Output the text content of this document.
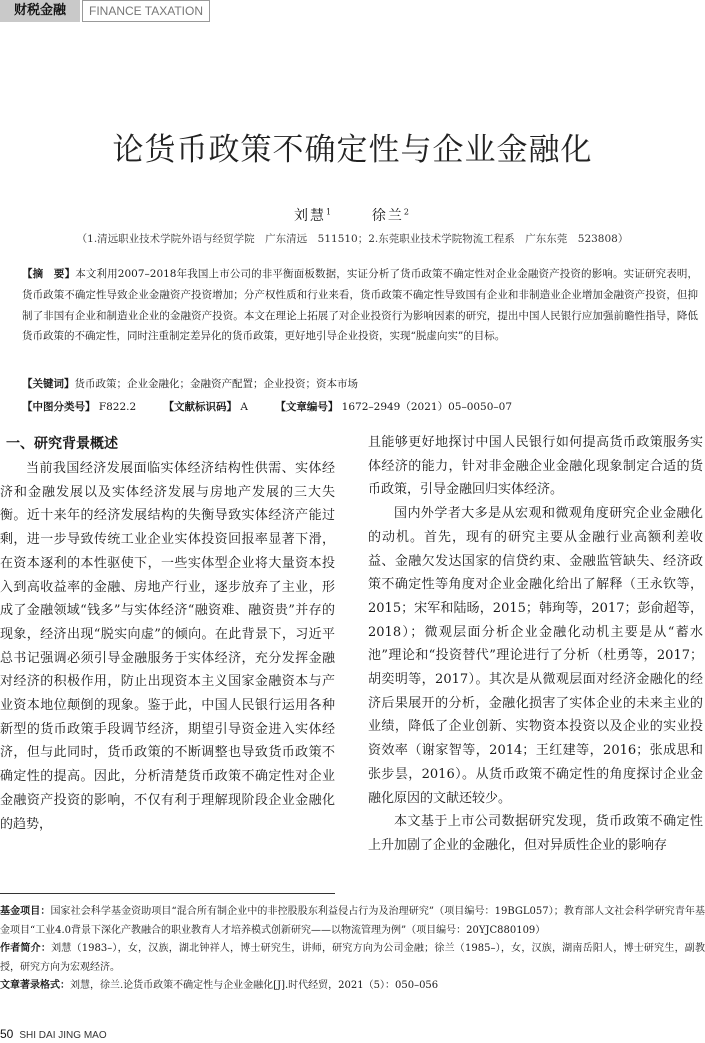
财税金融	FINANCE TAXATION
论货币政策不确定性与企业金融化
刘慧$^1$	徐兰$^2$
（1.清远职业技术学院外语与经贸学院　广东清远　511510；2.东莞职业技术学院物流工程系　广东东莞　523808）
【摘　要】本文利用2007–2018年我国上市公司的非平衡面板数据，实证分析了货币政策不确定性对企业金融资产投资的影响。实证研究表明，货币政策不确定性导致企业金融资产投资增加；分产权性质和行业来看，货币政策不确定性导致国有企业和非制造业企业增加金融资产投资，但抑制了非国有企业和制造业企业的金融资产投资。本文在理论上拓展了对企业投资行为影响因素的研究，提出中国人民银行应加强前瞻性指导，降低货币政策的不确定性，同时注重制定差异化的货币政策，更好地引导企业投资，实现“脱虚向实”的目标。
【关键词】货币政策；企业金融化；金融资产配置；企业投资；资本市场
【中图分类号】 F822.2	【文献标识码】 A	【文章编号】 1672–2949（2021）05–0050–07
一、研究背景概述

当前我国经济发展面临实体经济结构性供需、实体经济和金融发展以及实体经济发展与房地产发展的三大失衡。近十来年的经济发展结构的失衡导致实体经济产能过剩，进一步导致传统工业企业实体投资回报率显著下滑，在资本逐利的本性驱使下，一些实体型企业将大量资本投入到高收益率的金融、房地产行业，逐步放弃了主业，形成了金融领域“钱多”与实体经济“融资难、融资贵”并存的现象，经济出现“脱实向虚”的倾向。在此背景下，习近平总书记强调必须引导金融服务于实体经济，充分发挥金融对经济的积极作用，防止出现资本主义国家金融资本与产业资本地位颠倒的现象。鉴于此，中国人民银行运用各种新型的货币政策手段调节经济，期望引导资金进入实体经济，但与此同时，货币政策的不断调整也导致货币政策不确定性的提高。因此，分析清楚货币政策不确定性对企业金融资产投资的影响，不仅有利于理解现阶段企业金融化的趋势，

且能够更好地探讨中国人民银行如何提高货币政策服务实体经济的能力，针对非金融企业金融化现象制定合适的货币政策，引导金融回归实体经济。

国内外学者大多是从宏观和微观角度研究企业金融化的动机。首先，现有的研究主要从金融行业高额利差收益、金融欠发达国家的信贷约束、金融监管缺失、经济政策不确定性等角度对企业金融化给出了解释（王永钦等，2015；宋军和陆旸，2015；韩珣等，2017；彭俞超等，2018）；微观层面分析企业金融化动机主要是从“蓄水池”理论和“投资替代”理论进行了分析（杜勇等，2017；胡奕明等，2017）。其次是从微观层面对经济金融化的经济后果展开的分析，金融化损害了实体企业的未来主业的业绩，降低了企业创新、实物资本投资以及企业的实业投资效率（谢家智等，2014；王红建等，2016；张成思和张步昙，2016）。从货币政策不确定性的角度探讨企业金融化原因的文献还较少。

本文基于上市公司数据研究发现，货币政策不确定性上升加剧了企业的金融化，但对异质性企业的影响存

基金项目：国家社会科学基金资助项目“混合所有制企业中的非控股股东利益侵占行为及治理研究”（项目编号：19BGL057）；教育部人文社会科学研究青年基金项目“工业4.0背景下深化产教融合的职业教育人才培养模式创新研究——以物流管理为例”（项目编号：20YJC880109）

作者简介：刘慧（1983–），女，汉族，湖北钟祥人，博士研究生，讲师，研究方向为公司金融；徐兰（1985–），女，汉族，湖南岳阳人，博士研究生，副教授，研究方向为宏观经济。

文章著录格式：刘慧，徐兰.论货币政策不确定性与企业金融化[J].时代经贸，2021（5）：050–056

50 SHI DAI JING MAO
